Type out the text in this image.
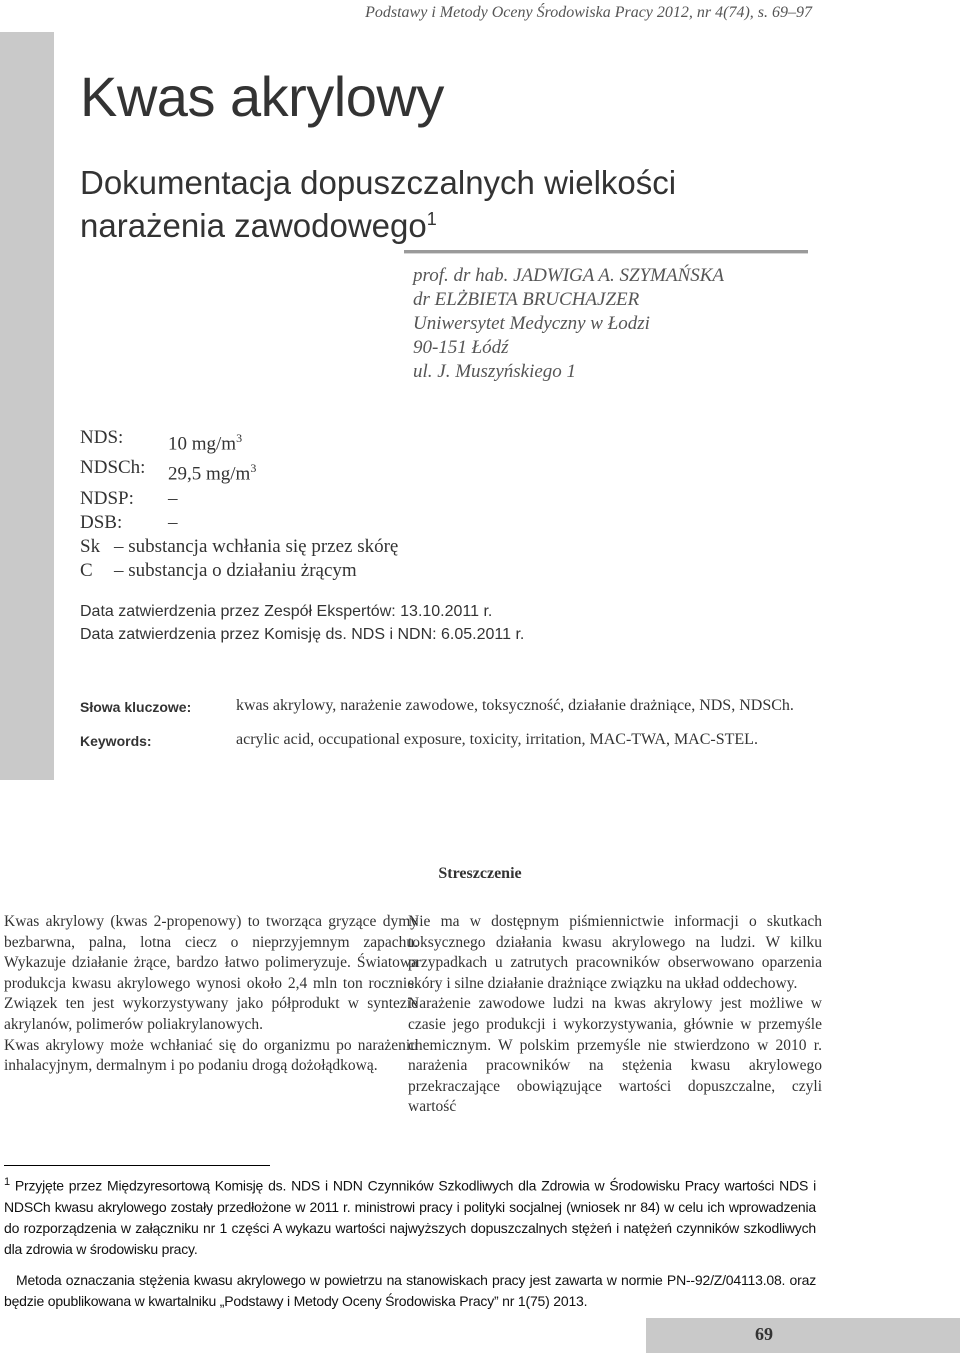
Podstawy i Metody Oceny Środowiska Pracy 2012, nr 4(74), s. 69–97
Kwas akrylowy
Dokumentacja dopuszczalnych wielkości
narażenia zawodowego$^1$
prof. dr hab. JADWIGA A. SZYMAŃSKA
dr ELŻBIETA BRUCHAJZER
Uniwersytet Medyczny w Łodzi
90-151 Łódź
ul. J. Muszyńskiego 1
NDS:	10 $mg/m^3$
NDSCh:	29,5 $mg/m^3$
NDSP:	–
DSB:	–
Sk – substancja wchłania się przez skórę
C	– substancja o działaniu żrącym
Data zatwierdzenia przez Zespół Ekspertów: 13.10.2011 r.
Data zatwierdzenia przez Komisję ds. NDS i NDN: 6.05.2011 r.
Słowa kluczowe:	kwas akrylowy, narażenie zawodowe, toksyczność, działanie drażniące, NDS, NDSCh.
Keywords:	acrylic acid, occupational exposure, toxicity, irritation, MAC-TWA, MAC-STEL.
Streszczenie

Kwas akrylowy (kwas 2-propenowy) to tworząca gryzące dymy bezbarwna, palna, lotna ciecz o nieprzyjemnym zapachu. Wykazuje działanie żrące, bardzo łatwo polimeryzuje. Światowa produkcja kwasu akrylowego wynosi około 2,4 mln ton rocznie. Związek ten jest wykorzystywany jako półprodukt w syntezie akrylanów, polimerów poliakrylanowych.

Kwas akrylowy może wchłaniać się do organizmu po narażeniu inhalacyjnym, dermalnym i po podaniu drogą dożołądkową.

Nie ma w dostępnym piśmiennictwie informacji o skutkach toksycznego działania kwasu akrylowego na ludzi. W kilku przypadkach u zatrutych pracowników obserwowano oparzenia skóry i silne działanie drażniące związku na układ oddechowy.

Narażenie zawodowe ludzi na kwas akrylowy jest możliwe w czasie jego produkcji i wykorzystywania, głównie w przemyśle chemicznym. W polskim przemyśle nie stwierdzono w 2010 r. narażenia pracowników na stężenia kwasu akrylowego przekraczające obowiązujące wartości dopuszczalne, czyli wartość

$^1$ Przyjęte przez Międzyresortową Komisję ds. NDS i NDN Czynników Szkodliwych dla Zdrowia w Środowisku Pracy wartości NDS i NDSCh kwasu akrylowego zostały przedłożone w 2011 r. ministrowi pracy i polityki socjalnej (wniosek nr 84) w celu ich wprowadzenia do rozporządzenia w załączniku nr 1 części A wykazu wartości najwyższych dopuszczalnych stężeń i natężeń czynników szkodliwych dla zdrowia w środowisku pracy.

Metoda oznaczania stężenia kwasu akrylowego w powietrzu na stanowiskach pracy jest zawarta w normie PN--92/Z/04113.08. oraz będzie opublikowana w kwartalniku „Podstawy i Metody Oceny Środowiska Pracy” nr 1(75) 2013.

69
